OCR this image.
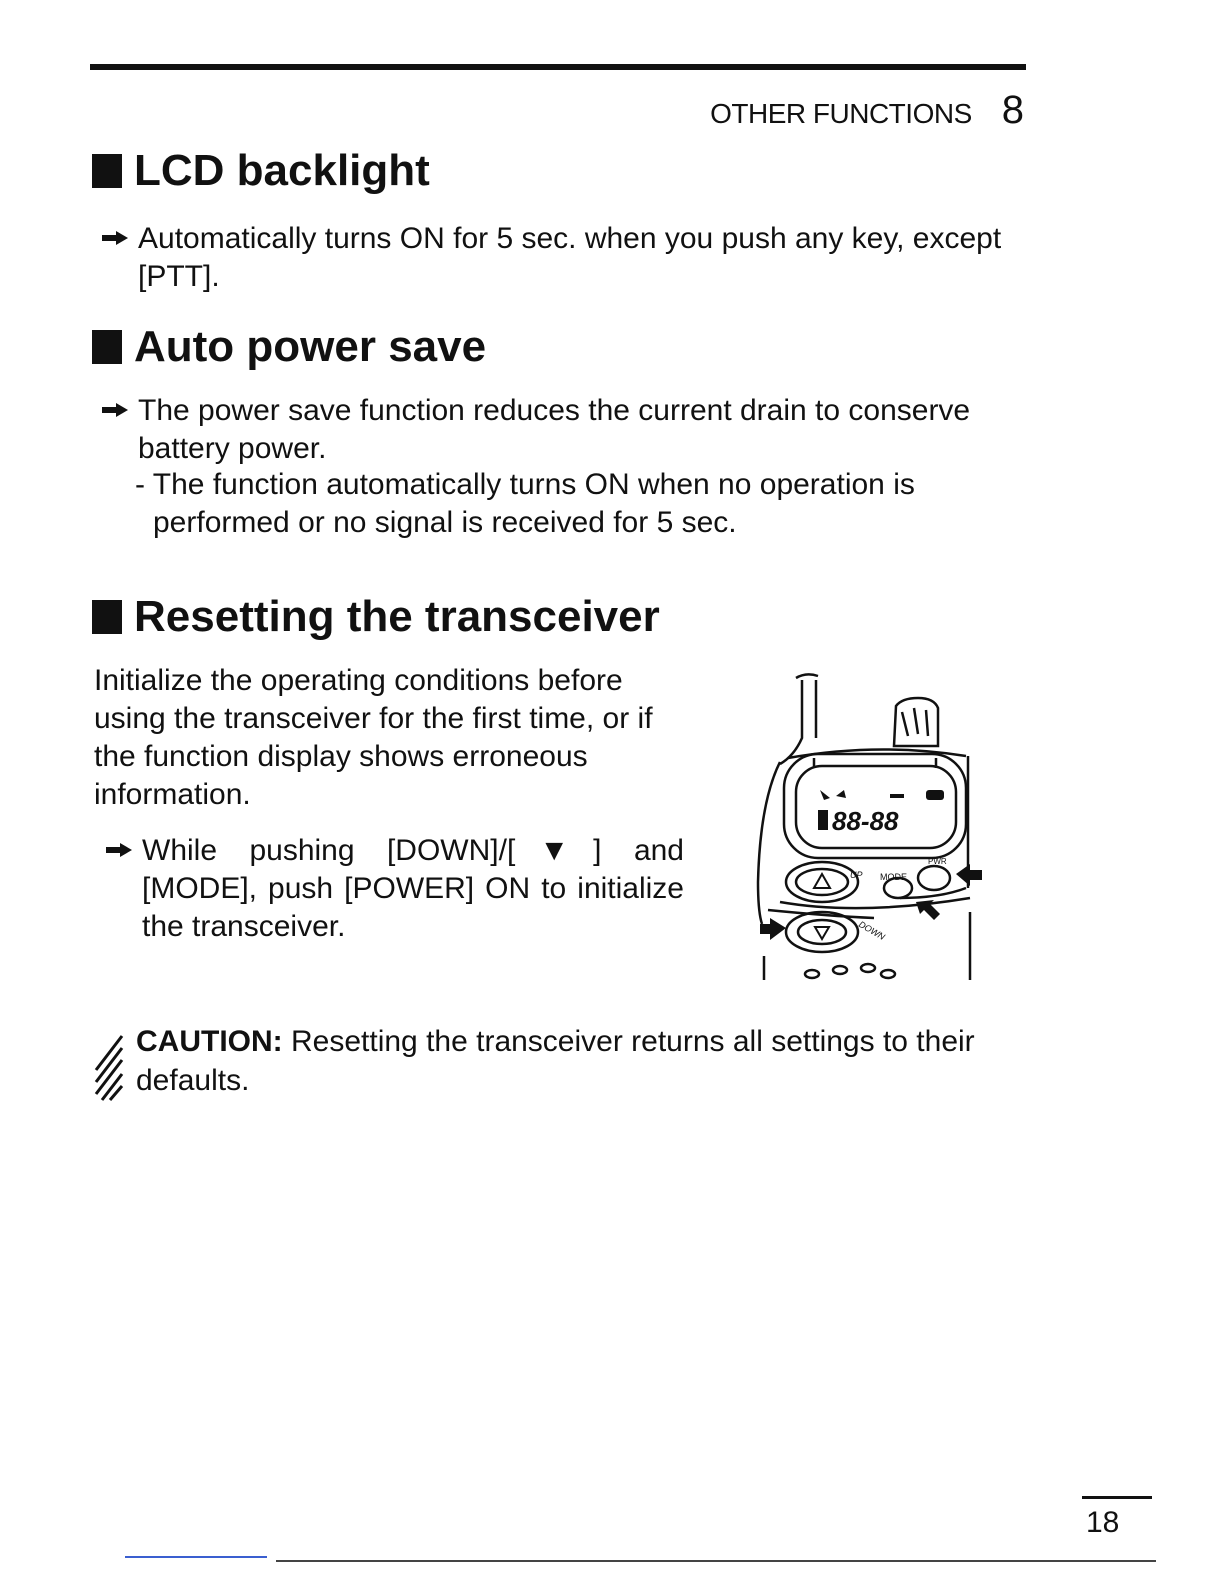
OTHER FUNCTIONS 8
LCD backlight
Automatically turns ON for 5 sec. when you push any key, except [PTT].
Auto power save
The power save function reduces the current drain to conserve battery power.

- The function automatically turns ON when no operation is performed or no signal is received for 5 sec.

Resetting the transceiver

Initialize the operating conditions before using the transceiver for the first time, or if the function display shows erroneous information.

While pushing [DOWN]/[▼] and [MODE], push [POWER] ON to initialize the transceiver.
88-88
UP MODE
DOWN
PWR
CAUTION: Resetting the transceiver returns all settings to their defaults.
18
